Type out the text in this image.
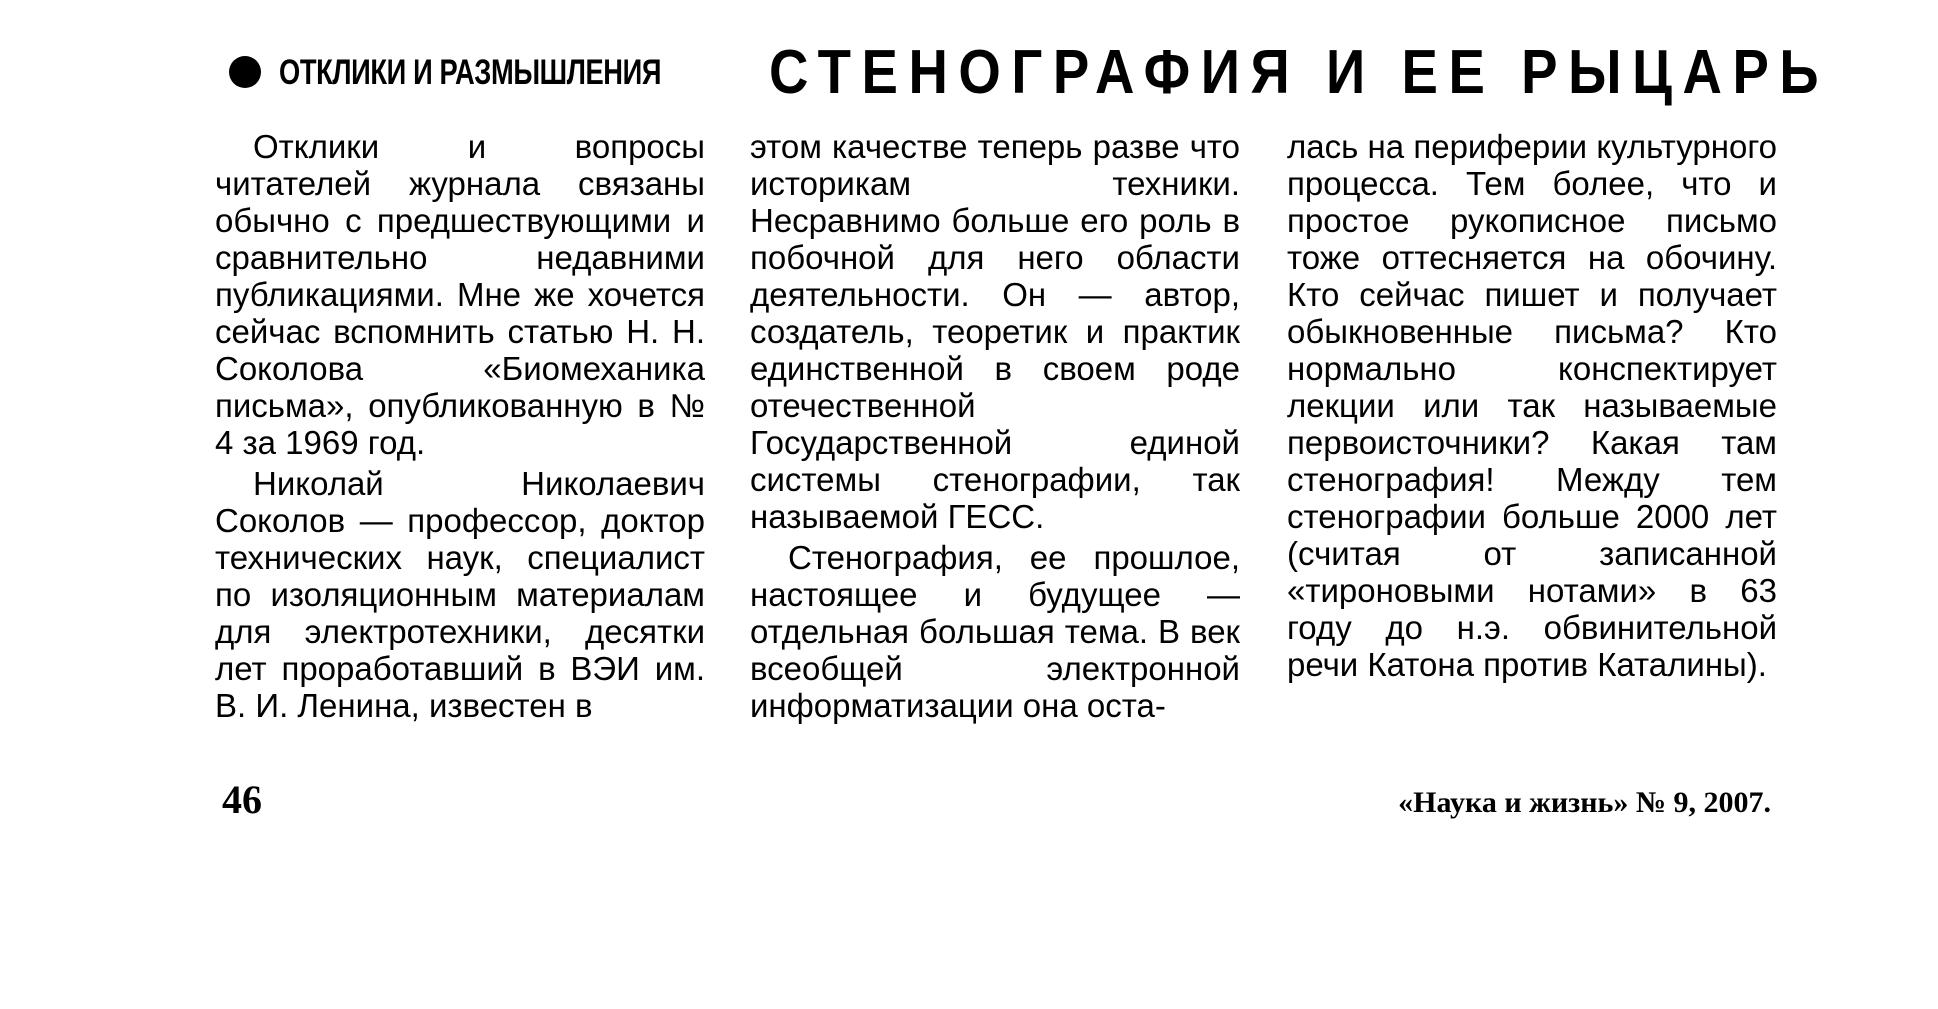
ОТКЛИКИ И РАЗМЫШЛЕНИЯ СТЕНОГРАФИЯ И ЕЕ РЫЦАРЬ

Отклики и вопросы читателей журнала связаны обычно с предшествующими и сравнительно недавними публикациями. Мне же хочется сейчас вспомнить статью Н. Н. Соколова «Биомеханика письма», опубликованную в № 4 за 1969 год.

Николай Николаевич Соколов — профессор, доктор технических наук, специалист по изоляционным материалам для электротехники, десятки лет проработавший в ВЭИ им. В. И. Ленина, известен в

этом качестве теперь разве что историкам техники. Несравнимо больше его роль в побочной для него области деятельности. Он — автор, создатель, теоретик и практик единственной в своем роде отечественной Государственной единой системы стенографии, так называемой ГЕСС.

Стенография, ее прошлое, настоящее и будущее — отдельная большая тема. В век всеобщей электронной информатизации она оста-

лась на периферии культурного процесса. Тем более, что и простое рукописное письмо тоже оттесняется на обочину. Кто сейчас пишет и получает обыкновенные письма? Кто нормально конспектирует лекции или так называемые первоисточники? Какая там стенография! Между тем стенографии больше 2000 лет (считая от записанной «тироновыми нотами» в 63 году до н.э. обвинительной речи Катона против Каталины).

46	«Наука и жизнь» № 9, 2007.
